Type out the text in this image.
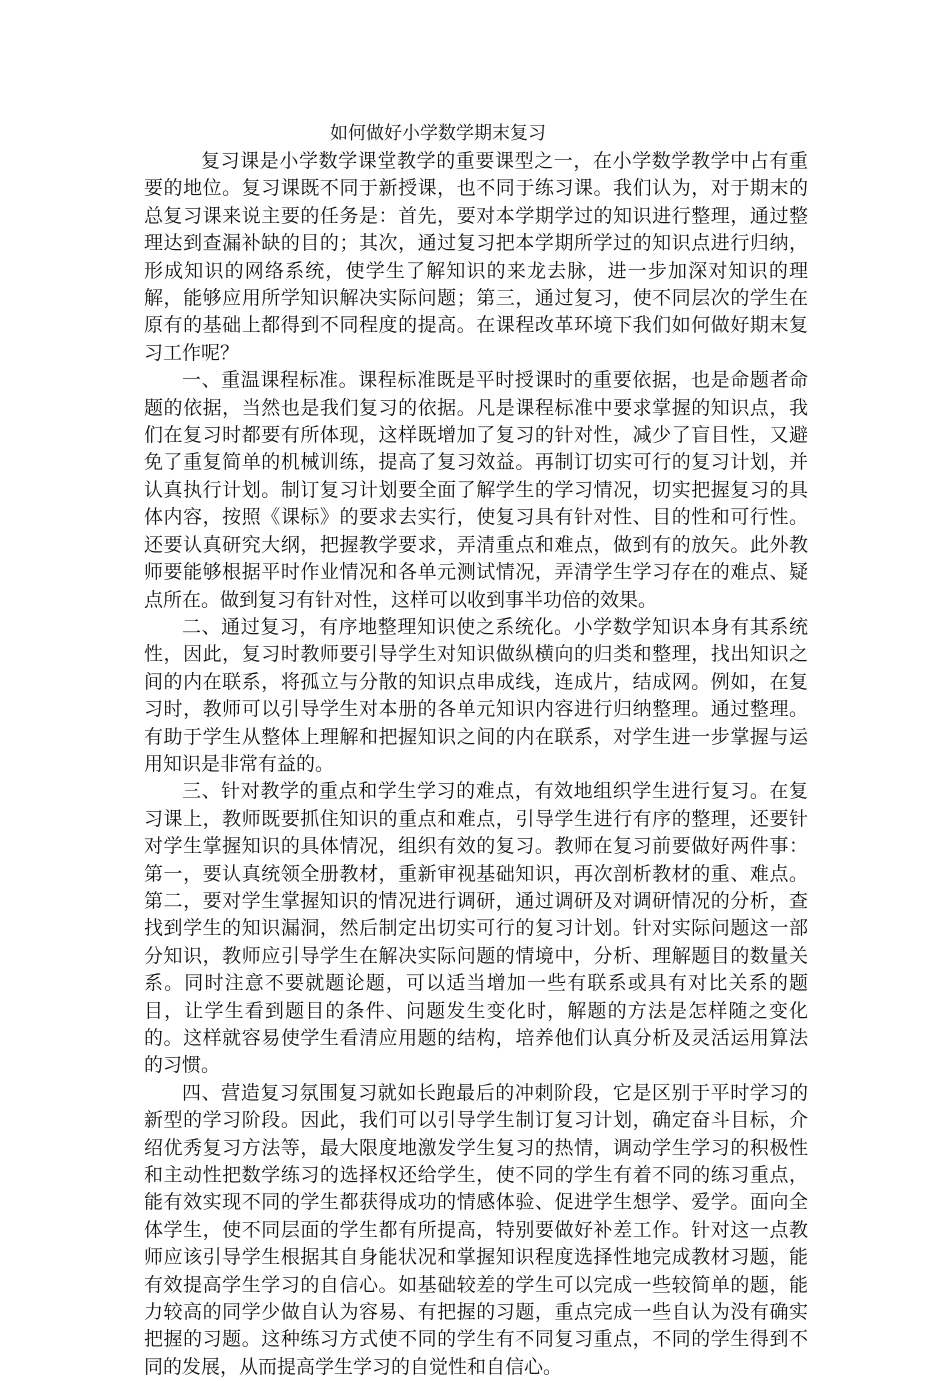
如何做好小学数学期末复习

复习课是小学数学课堂教学的重要课型之一，在小学数学教学中占有重要的地位。复习课既不同于新授课，也不同于练习课。我们认为，对于期末的总复习课来说主要的任务是：首先，要对本学期学过的知识进行整理，通过整理达到查漏补缺的目的；其次，通过复习把本学期所学过的知识点进行归纳，形成知识的网络系统，使学生了解知识的来龙去脉，进一步加深对知识的理解，能够应用所学知识解决实际问题；第三，通过复习，使不同层次的学生在原有的基础上都得到不同程度的提高。在课程改革环境下我们如何做好期末复习工作呢？

一、重温课程标准。课程标准既是平时授课时的重要依据，也是命题者命题的依据，当然也是我们复习的依据。凡是课程标准中要求掌握的知识点，我们在复习时都要有所体现，这样既增加了复习的针对性，减少了盲目性，又避免了重复简单的机械训练，提高了复习效益。再制订切实可行的复习计划，并认真执行计划。制订复习计划要全面了解学生的学习情况，切实把握复习的具体内容，按照《课标》的要求去实行，使复习具有针对性、目的性和可行性。还要认真研究大纲，把握教学要求，弄清重点和难点，做到有的放矢。此外教师要能够根据平时作业情况和各单元测试情况，弄清学生学习存在的难点、疑点所在。做到复习有针对性，这样可以收到事半功倍的效果。

二、通过复习，有序地整理知识使之系统化。小学数学知识本身有其系统性，因此，复习时教师要引导学生对知识做纵横向的归类和整理，找出知识之间的内在联系，将孤立与分散的知识点串成线，连成片，结成网。例如，在复习时，教师可以引导学生对本册的各单元知识内容进行归纳整理。通过整理。有助于学生从整体上理解和把握知识之间的内在联系，对学生进一步掌握与运用知识是非常有益的。

三、针对教学的重点和学生学习的难点，有效地组织学生进行复习。在复习课上，教师既要抓住知识的重点和难点，引导学生进行有序的整理，还要针对学生掌握知识的具体情况，组织有效的复习。教师在复习前要做好两件事：第一，要认真统领全册教材，重新审视基础知识，再次剖析教材的重、难点。第二，要对学生掌握知识的情况进行调研，通过调研及对调研情况的分析，查找到学生的知识漏洞，然后制定出切实可行的复习计划。针对实际问题这一部分知识，教师应引导学生在解决实际问题的情境中，分析、理解题目的数量关系。同时注意不要就题论题，可以适当增加一些有联系或具有对比关系的题目，让学生看到题目的条件、问题发生变化时，解题的方法是怎样随之变化的。这样就容易使学生看清应用题的结构，培养他们认真分析及灵活运用算法的习惯。

四、营造复习氛围复习就如长跑最后的冲刺阶段，它是区别于平时学习的新型的学习阶段。因此，我们可以引导学生制订复习计划，确定奋斗目标，介绍优秀复习方法等，最大限度地激发学生复习的热情，调动学生学习的积极性和主动性把数学练习的选择权还给学生，使不同的学生有着不同的练习重点，能有效实现不同的学生都获得成功的情感体验、促进学生想学、爱学。面向全体学生，使不同层面的学生都有所提高，特别要做好补差工作。针对这一点教师应该引导学生根据其自身能状况和掌握知识程度选择性地完成教材习题，能有效提高学生学习的自信心。如基础较差的学生可以完成一些较简单的题，能力较高的同学少做自认为容易、有把握的习题，重点完成一些自认为没有确实把握的习题。这种练习方式使不同的学生有不同复习重点，不同的学生得到不同的发展，从而提高学生学习的自觉性和自信心。
